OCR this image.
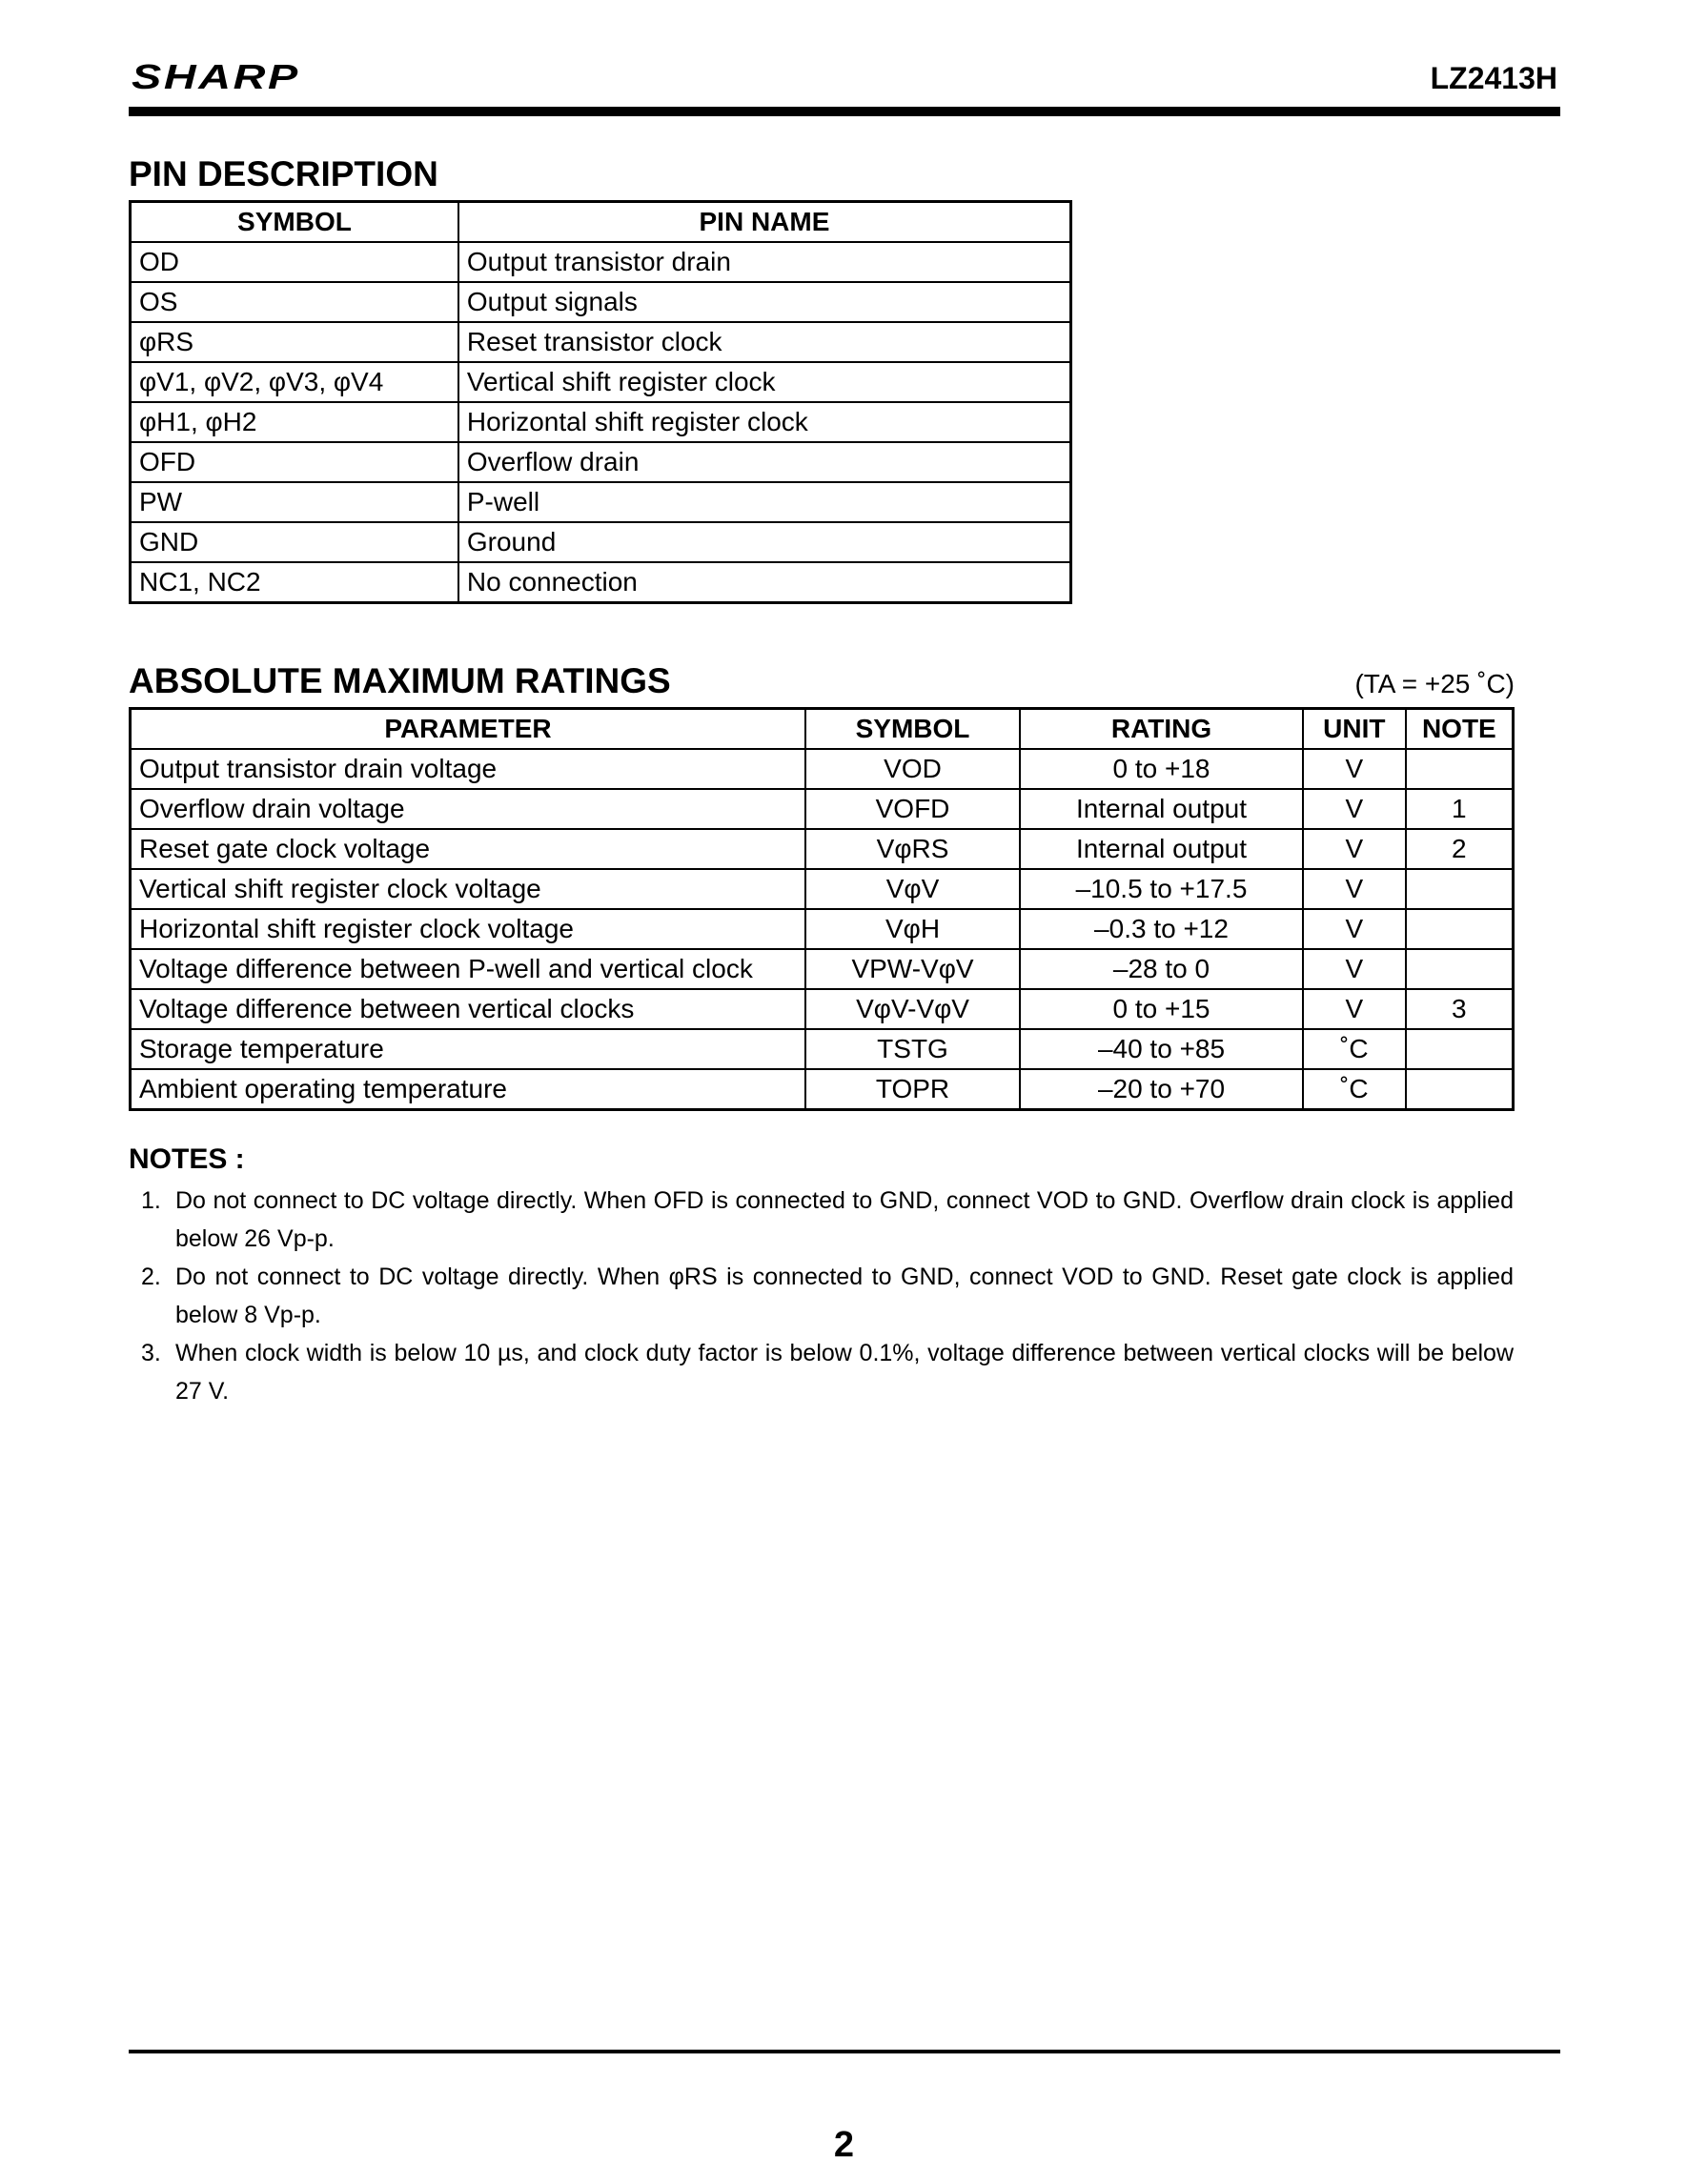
SHARP	LZ2413H
PIN DESCRIPTION
SYMBOL	PIN NAME
OD	Output transistor drain
OS	Output signals
φRS	Reset transistor clock
φV1, φV2, φV3, φV4	Vertical shift register clock
φH1, φH2	Horizontal shift register clock
OFD	Overflow drain
PW	P-well
GND	Ground
NC1, NC2	No connection
ABSOLUTE MAXIMUM RATINGS	(TA = +25 ˚C)
PARAMETER	SYMBOL	RATING	UNIT	NOTE
Output transistor drain voltage	VOD	0 to +18	V	
Overflow drain voltage	VOFD	Internal output	V	1
Reset gate clock voltage	VφRS	Internal output	V	2
Vertical shift register clock voltage	VφV	–10.5 to +17.5	V	
Horizontal shift register clock voltage	VφH	–0.3 to +12	V	
Voltage difference between P-well and vertical clock	VPW-VφV	–28 to 0	V	
Voltage difference between vertical clocks	VφV-VφV	0 to +15	V	3
Storage temperature	TSTG	–40 to +85	˚C	
Ambient operating temperature	TOPR	–20 to +70	˚C	
NOTES :

1. Do not connect to DC voltage directly. When OFD is connected to GND, connect VOD to GND. Overflow drain clock is applied below 26 Vp-p.

2. Do not connect to DC voltage directly. When φRS is connected to GND, connect VOD to GND. Reset gate clock is applied below 8 Vp-p.

3. When clock width is below 10 µs, and clock duty factor is below 0.1%, voltage difference between vertical clocks will be below 27 V.

2
